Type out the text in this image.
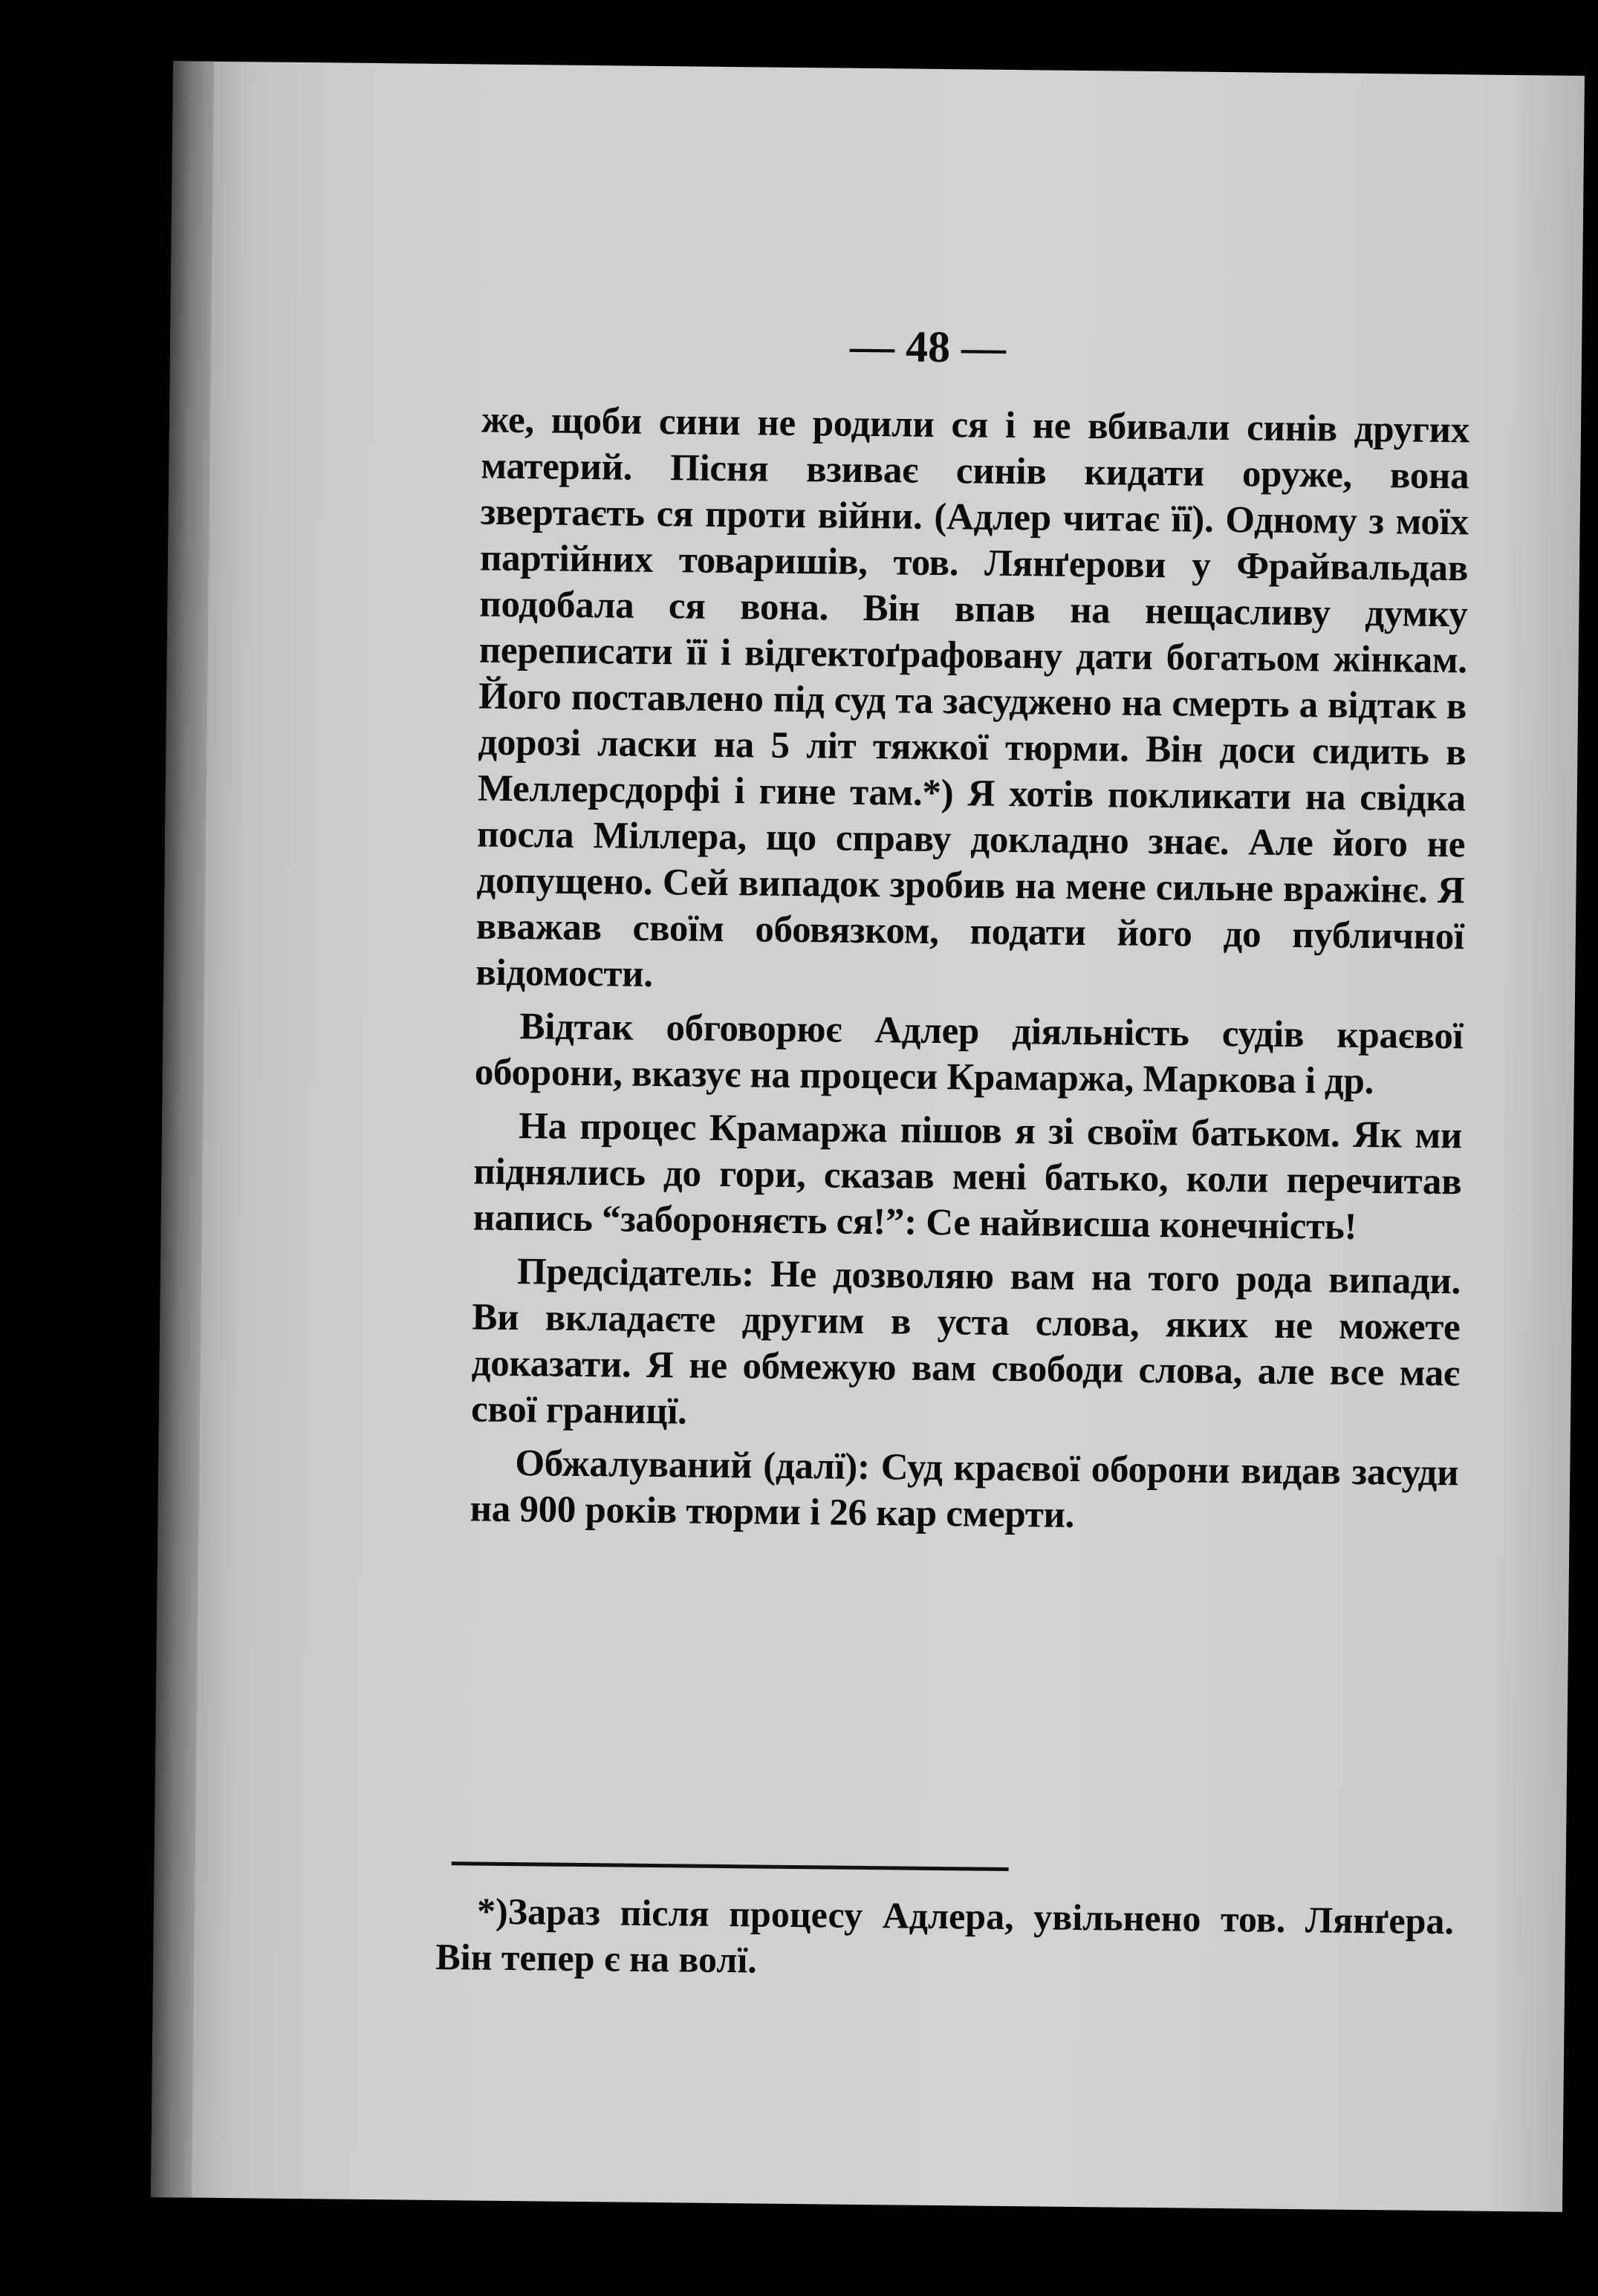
— 48 —

же, щоби сини не родили ся і не вбивали синів других материй. Пісня взиває синів кидати оруже, вона звертаєть ся проти війни. (Адлер читає її). Одному з моїх партійних товаришів, тов. Лянґерови у Фрайвальдав подобала ся вона. Він впав на нещасливу думку переписати її і відгектоґрафовану дати богатьом жінкам. Його поставлено під суд та засуджено на смерть а відтак в дорозі ласки на 5 літ тяжкої тюрми. Він доси сидить в Меллерсдорфі і гине там.*) Я хотів покликати на свідка посла Міллера, що справу докладно знає. Але його не допущено. Сей випадок зробив на мене сильне вражінє. Я вважав своїм обовязком, подати його до публичної відомости.

Відтак обговорює Адлер діяльність судів краєвої оборони, вказує на процеси Крамаржа, Маркова і др.

На процес Крамаржа пішов я зі своїм батьком. Як ми піднялись до гори, сказав мені батько, коли перечитав напись “забороняєть ся!”: Се найвисша конечність!

Предсідатель: Не дозволяю вам на того рода випади. Ви вкладаєте другим в уста слова, яких не можете доказати. Я не обмежую вам свободи слова, але все має свої границї.

Обжалуваний (далї): Суд краєвої оборони видав засуди на 900 років тюрми і 26 кар смерти.

*)Зараз після процесу Адлера, увільнено тов. Лянґера. Він тепер є на волї.
